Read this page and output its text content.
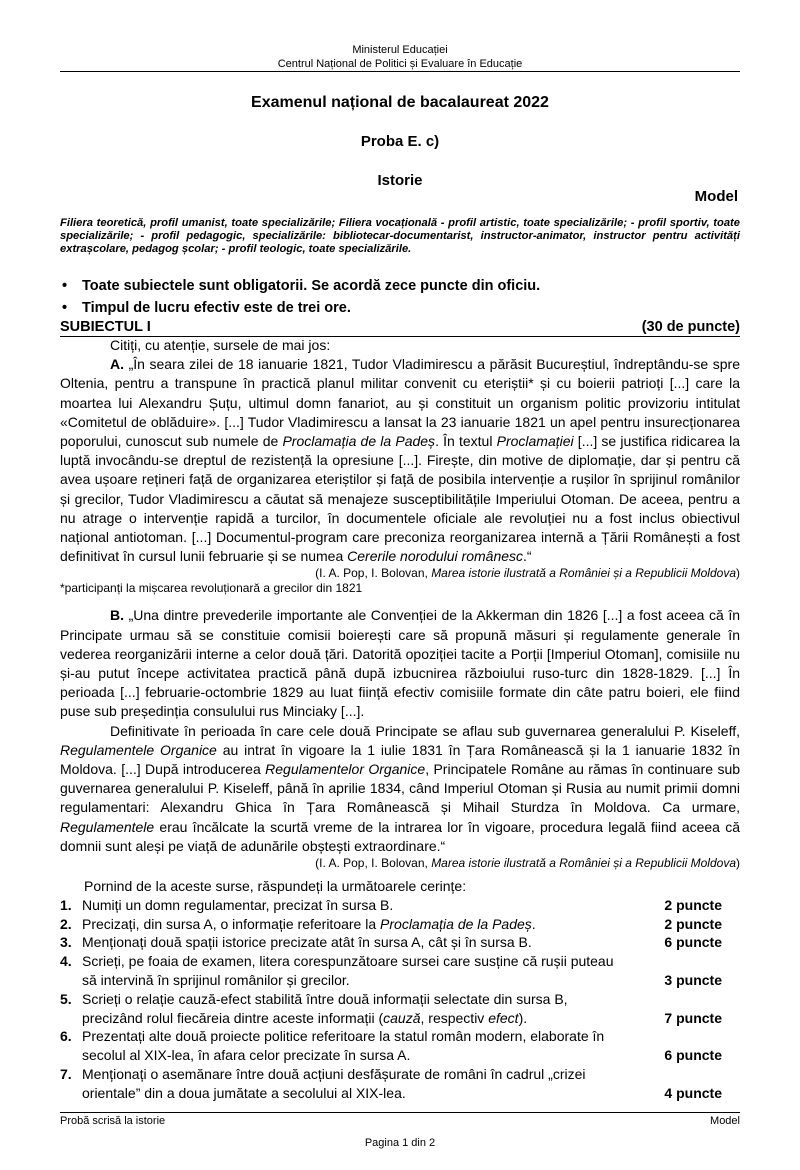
Ministerul Educației
Centrul Național de Politici și Evaluare în Educație
Examenul național de bacalaureat 2022
Proba E. c)
Istorie
Model
Filiera teoretică, profil umanist, toate specializările; Filiera vocațională - profil artistic, toate specializările; - profil sportiv, toate specializările; - profil pedagogic, specializările: bibliotecar-documentarist, instructor-animator, instructor pentru activități extrașcolare, pedagog școlar; - profil teologic, toate specializările.
• Toate subiectele sunt obligatorii. Se acordă zece puncte din oficiu.
• Timpul de lucru efectiv este de trei ore.
SUBIECTUL I	(30 de puncte)

Citiți, cu atenție, sursele de mai jos:

A. „În seara zilei de 18 ianuarie 1821, Tudor Vladimirescu a părăsit Bucureștiul, îndreptându-se spre Oltenia, pentru a transpune în practică planul militar convenit cu eteriștii* și cu boierii patrioți [...] care la moartea lui Alexandru Șuțu, ultimul domn fanariot, au și constituit un organism politic provizoriu intitulat «Comitetul de oblăduire». [...] Tudor Vladimirescu a lansat la 23 ianuarie 1821 un apel pentru insurecționarea poporului, cunoscut sub numele de Proclamația de la Padeș. În textul Proclamației [...] se justifica ridicarea la luptă invocându-se dreptul de rezistență la opresiune [...]. Firește, din motive de diplomație, dar și pentru că avea ușoare rețineri față de organizarea eteriștilor și față de posibila intervenție a rușilor în sprijinul românilor și grecilor, Tudor Vladimirescu a căutat să menajeze susceptibilitățile Imperiului Otoman. De aceea, pentru a nu atrage o intervenție rapidă a turcilor, în documentele oficiale ale revoluției nu a fost inclus obiectivul național antiotoman. [...] Documentul-program care preconiza reorganizarea internă a Țării Românești a fost definitivat în cursul lunii februarie și se numea Cererile norodului românesc.“

(I. A. Pop, I. Bolovan, Marea istorie ilustrată a României și a Republicii Moldova)

*participanți la mișcarea revoluționară a grecilor din 1821

B. „Una dintre prevederile importante ale Convenției de la Akkerman din 1826 [...] a fost aceea că în Principate urmau să se constituie comisii boierești care să propună măsuri și regulamente generale în vederea reorganizării interne a celor două țări. Datorită opoziției tacite a Porții [Imperiul Otoman], comisiile nu și-au putut începe activitatea practică până după izbucnirea războiului ruso-turc din 1828-1829. [...] În perioada [...] februarie-octombrie 1829 au luat ființă efectiv comisiile formate din câte patru boieri, ele fiind puse sub președinția consulului rus Minciaky [...].

Definitivate în perioada în care cele două Principate se aflau sub guvernarea generalului P. Kiseleff, Regulamentele Organice au intrat în vigoare la 1 iulie 1831 în Țara Românească și la 1 ianuarie 1832 în Moldova. [...] După introducerea Regulamentelor Organice, Principatele Române au rămas în continuare sub guvernarea generalului P. Kiseleff, până în aprilie 1834, când Imperiul Otoman și Rusia au numit primii domni regulamentari: Alexandru Ghica în Țara Românească și Mihail Sturdza în Moldova. Ca urmare, Regulamentele erau încălcate la scurtă vreme de la intrarea lor în vigoare, procedura legală fiind aceea că domnii sunt aleși pe viață de adunările obștești extraordinare.“

(I. A. Pop, I. Bolovan, Marea istorie ilustrată a României și a Republicii Moldova)

Pornind de la aceste surse, răspundeți la următoarele cerințe:
1. Numiți un domn regulamentar, precizat în sursa B.	2 puncte
2. Precizați, din sursa A, o informație referitoare la Proclamația de la Padeș.	2 puncte
3. Menționați două spații istorice precizate atât în sursa A, cât și în sursa B.	6 puncte
4. Scrieți, pe foaia de examen, litera corespunzătoare sursei care susține că rușii puteau să intervină în sprijinul românilor și grecilor.	3 puncte
5. Scrieți o relație cauză-efect stabilită între două informații selectate din sursa B, precizând rolul fiecăreia dintre aceste informații (cauză, respectiv efect).	7 puncte
6. Prezentați alte două proiecte politice referitoare la statul român modern, elaborate în secolul al XIX-lea, în afara celor precizate în sursa A.	6 puncte
7. Menționați o asemănare între două acțiuni desfășurate de români în cadrul „crizei orientale” din a doua jumătate a secolului al XIX-lea.	4 puncte
Probă scrisă la istorie	Model
Pagina 1 din 2
